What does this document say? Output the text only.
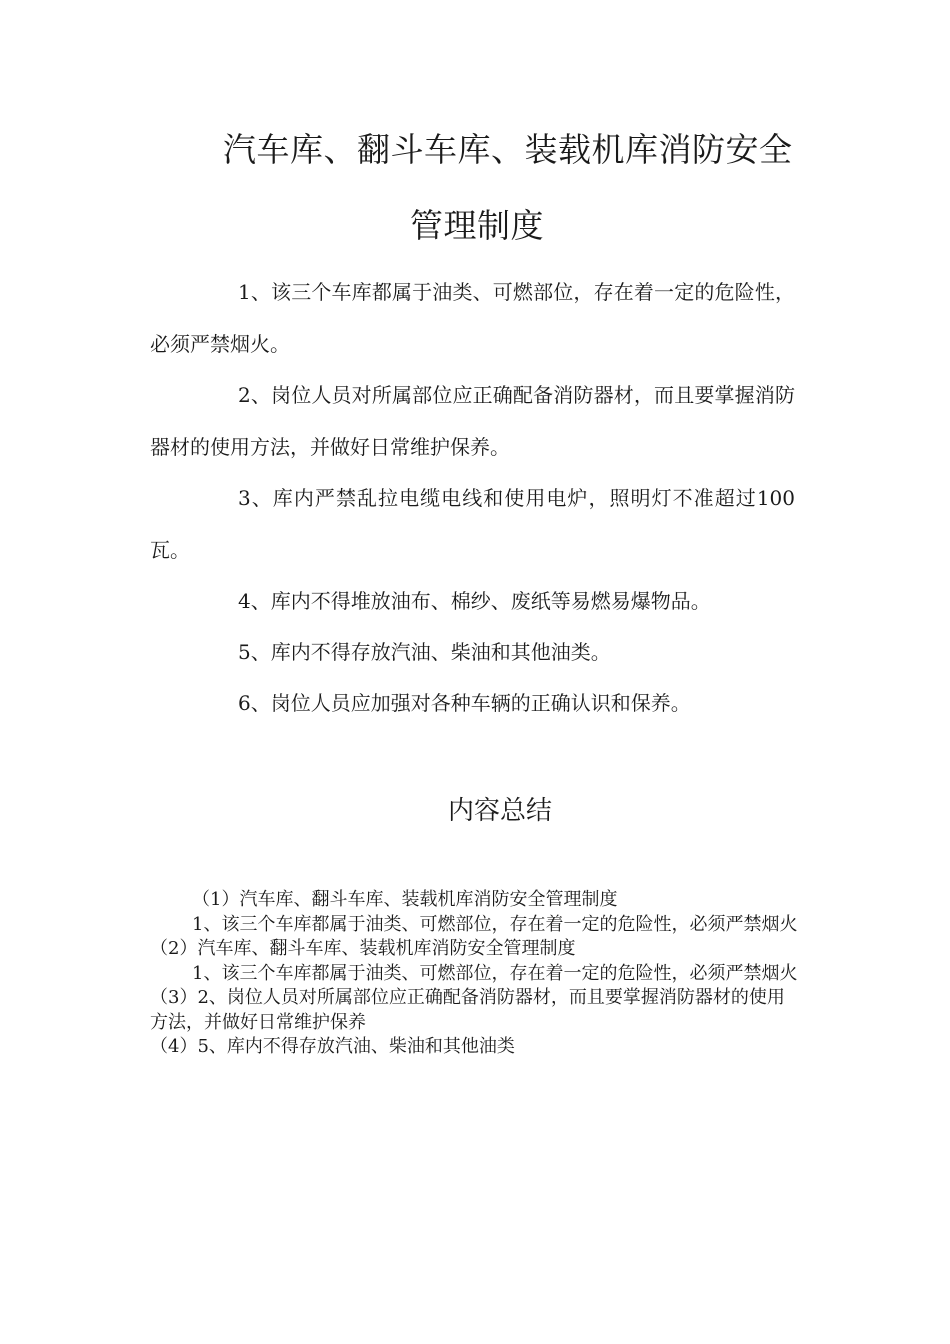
汽车库、翻斗车库、装载机库消防安全
管理制度

1、该三个车库都属于油类、可燃部位，存在着一定的危险性，必须严禁烟火。

2、岗位人员对所属部位应正确配备消防器材，而且要掌握消防器材的使用方法，并做好日常维护保养。

3、库内严禁乱拉电缆电线和使用电炉，照明灯不准超过100瓦。

4、库内不得堆放油布、棉纱、废纸等易燃易爆物品。

5、库内不得存放汽油、柴油和其他油类。

6、岗位人员应加强对各种车辆的正确认识和保养。

内容总结

（1）汽车库、翻斗车库、装载机库消防安全管理制度

1、该三个车库都属于油类、可燃部位，存在着一定的危险性，必须严禁烟火

（2）汽车库、翻斗车库、装载机库消防安全管理制度

1、该三个车库都属于油类、可燃部位，存在着一定的危险性，必须严禁烟火

（3）2、岗位人员对所属部位应正确配备消防器材，而且要掌握消防器材的使用方法，并做好日常维护保养

（4）5、库内不得存放汽油、柴油和其他油类
